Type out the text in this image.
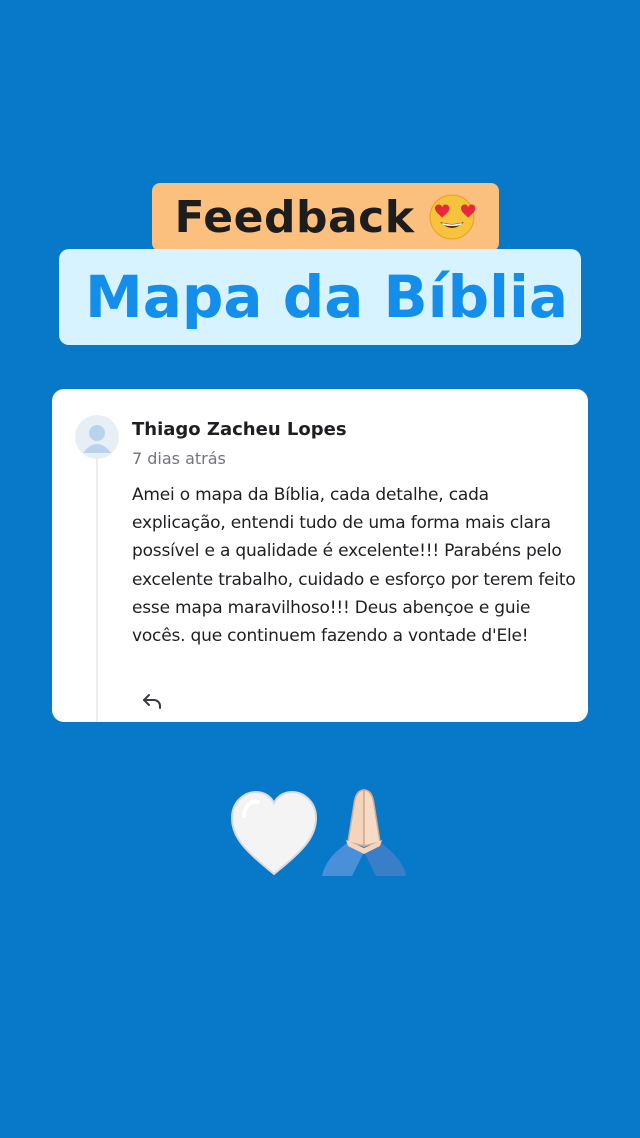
Feedback
Mapa da Bíblia
Thiago Zacheu Lopes
7 dias atrás
Amei o mapa da Bíblia, cada detalhe, cada explicação, entendi tudo de uma forma mais clara possível e a qualidade é excelente!!! Parabéns pelo excelente trabalho, cuidado e esforço por terem feito esse mapa maravilhoso!!! Deus abençoe e guie vocês. que continuem fazendo a vontade d'Ele!
